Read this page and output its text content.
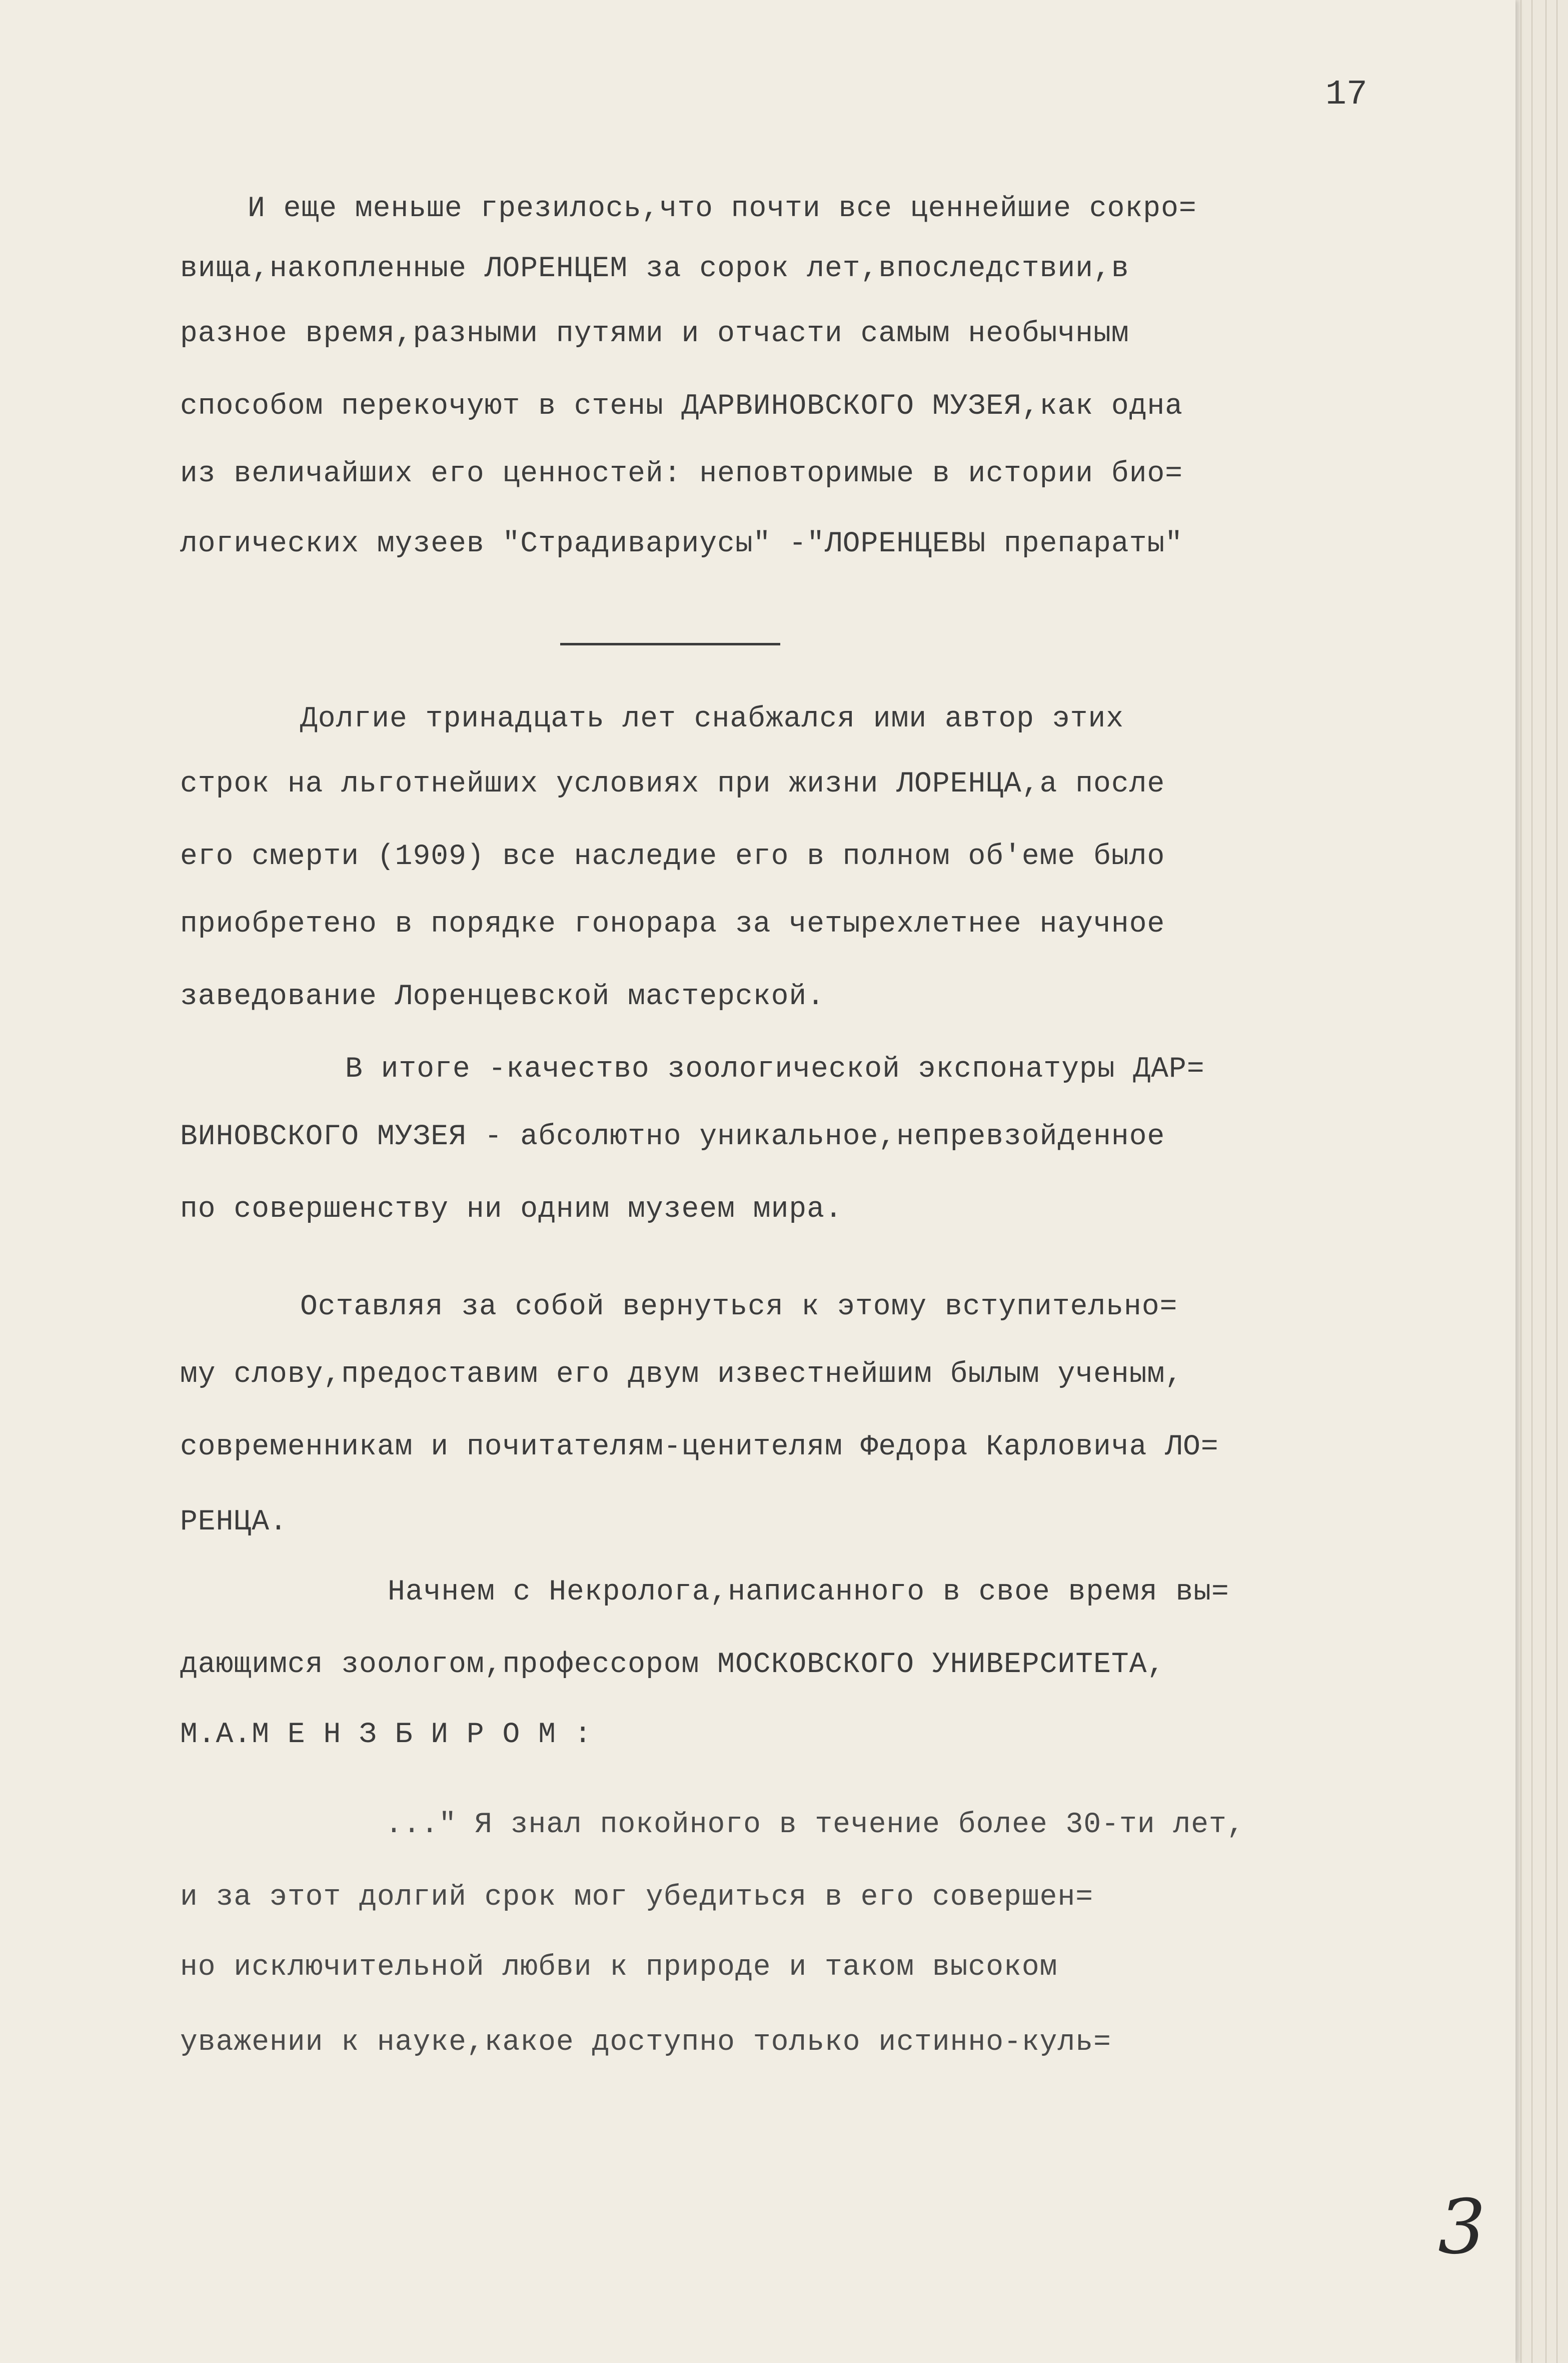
17
И еще меньше грезилось,что почти все ценнейшие сокро=
вища,накопленные ЛОРЕНЦЕМ за сорок лет,впоследствии,в
разное время,разными путями и отчасти самым необычным
способом перекочуют в стены ДАРВИНОВСКОГО МУЗЕЯ,как одна
из величайших его ценностей: неповторимые в истории био=
логических музеев "Страдивариусы" -"ЛОРЕНЦЕВЫ препараты"
Долгие тринадцать лет снабжался ими автор этих
строк на льготнейших условиях при жизни ЛОРЕНЦА,а после
его смерти (1909) все наследие его в полном об'еме было
приобретено в порядке гонорара за четырехлетнее научное
заведование Лоренцевской мастерской.
В итоге -качество зоологической экспонатуры ДАР=
ВИНОВСКОГО МУЗЕЯ - абсолютно уникальное,непревзойденное
по совершенству ни одним музеем мира.
Оставляя за собой вернуться к этому вступительно=
му слову,предоставим его двум известнейшим былым ученым,
современникам и почитателям-ценителям Федора Карловича ЛО=
РЕНЦА.
Начнем с Некролога,написанного в свое время вы=
дающимся зоологом,профессором МОСКОВСКОГО УНИВЕРСИТЕТА,
М.А.М Е Н З Б И Р О М :
..." Я знал покойного в течение более 30-ти лет,
и за этот долгий срок мог убедиться в его совершен=
но исключительной любви к природе и таком высоком
уважении к науке,какое доступно только истинно-куль=
3
